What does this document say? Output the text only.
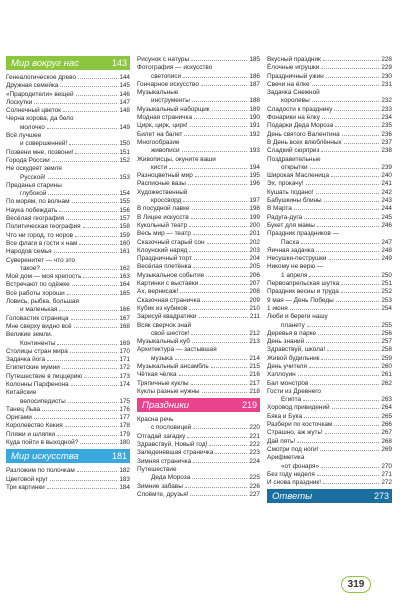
Мир вокруг нас	143
Генеалогическое древо	144
Дружная семейка	145
«Прародители» вещей	146
Лоскутки	147
Солнечный цветок	148
Черна корова, да бело
молочко	149
Всё лучшее
и совершенней!	150
Позвени мне, позвони!	151
Города России	152
Не оскудеет земля
Русской!	153
Преданья старины
глубокой	154
По морям, по волнам	155
Наука побеждать	156
Весёлая география	157
Политическая география	158
Что ни город, то норов	159
Все флаги в гости к нам	160
Народов семья	161
Суверенитет — что это
такое?	162
Мой дом — моя крепость	163
Встречают по одёжке	164
Все работы хороши	165
Ловись, рыбка, большая
и маленькая	166
Головастик страница	167
Мне сверху видно всё	168
Великие земли.
Континенты	169
Столицы стран мира	170
Задачка йога	171
Египетские мумии	172
Путешествие в пиццерию	173
Колонны Парфенона	174
Китайские
велосипедисты	175
Танец Льва	176
Оригами	177
Королевство Кекия	178
Пляжи и шляпки	179
Куда пойти в выходной?	180
Мир искусства	181
Разложим по полочкам	182
Цветовой круг	183
Три картинки	184
Рисунок с натуры	185
Фотография — искусство
светописи	186
Гончарное искусство	187
Музыкальные
инструменты	188
Музыкальный наборщик	189
Модная страничка	190
Цирк, цирк, цирк!	191
Билет на балет	192
Многообразие
живописи	193
Живописцы, окуните ваши
кисти	194
Разноцветный мир	195
Расписные вазы	196
Художественный
кроссворд	197
В посудной лавке	198
В Лицее искусств	199
Кукольный театр	200
Весь мир — театр	201
Сказочный старый сон	202
Клоунский наряд	203
Праздничный торт	204
Весёлая плетёнка	205
Музыкальное событие	206
Картинки с выставки	207
Ах, вернисаж!	208
Сказочная страничка	209
Кубик из кубиков	210
Зарисуй квадратики	211
Всяк сверчок знай
свой шесток!	212
Музыкальный куб	213
Архитектура — застывшая
музыка	214
Музыкальный ансамбль	215
Чёткая чёлка	216
Тряпичные куклы	217
Куклы разные нужны	218
Праздники	219
Красна речь
с пословицей	220
Отгадай загадку	221
Здравствуй, Новый год!	222
Заледеневшая страничка	223
Зимняя страничка	224
Путешествие
Деда Мороза	225
Зимние забавы	226
Споёмте, друзья!	227
Вкусный праздник	228
Ёлочные игрушки	229
Праздничный ужин	230
Свечи на ёлке	231
Задачка Снежной
королевы	232
Сладости к празднику	233
Фонарики на ёлку	234
Подарки Деда Мороза	235
День святого Валентина	236
В День всех влюблённых	237
Сладкий сюрприз	238
Поздравительные
открытки	239
Широкая Масленица	240
Эх, прокачу!	241
Кушать подано!	242
Бабушкины блины	243
В Марта	244
Радуга-дуга	245
Букет для мамы	246
Праздник праздников —
Пасха	247
Яичная задачка	248
Несушки-пеструшки	249
Никому не верю —
1 апреля	250
Первоапрельская шутка	251
Праздник весны и труда	252
9 мая — День Победы	253
1 июня	254
Люби и береги нашу
планету	255
Деревья в парке	256
День знаний	257
Здравствуй, школа!	258
Живой будильник	259
День учителя	260
Хэллоуин	261
Бал монстров	262
Гости из Древнего
Египта	263
Хоровод привидений	264
Бяка и Бука	265
Разбери по косточкам	266
Страшно, аж жуть!	267
Дай пять!	268
Смотри под ноги!	269
Арифметика
«от фонаря»	270
Без году неделя	271
И снова праздник!	272
Ответы	273
319
